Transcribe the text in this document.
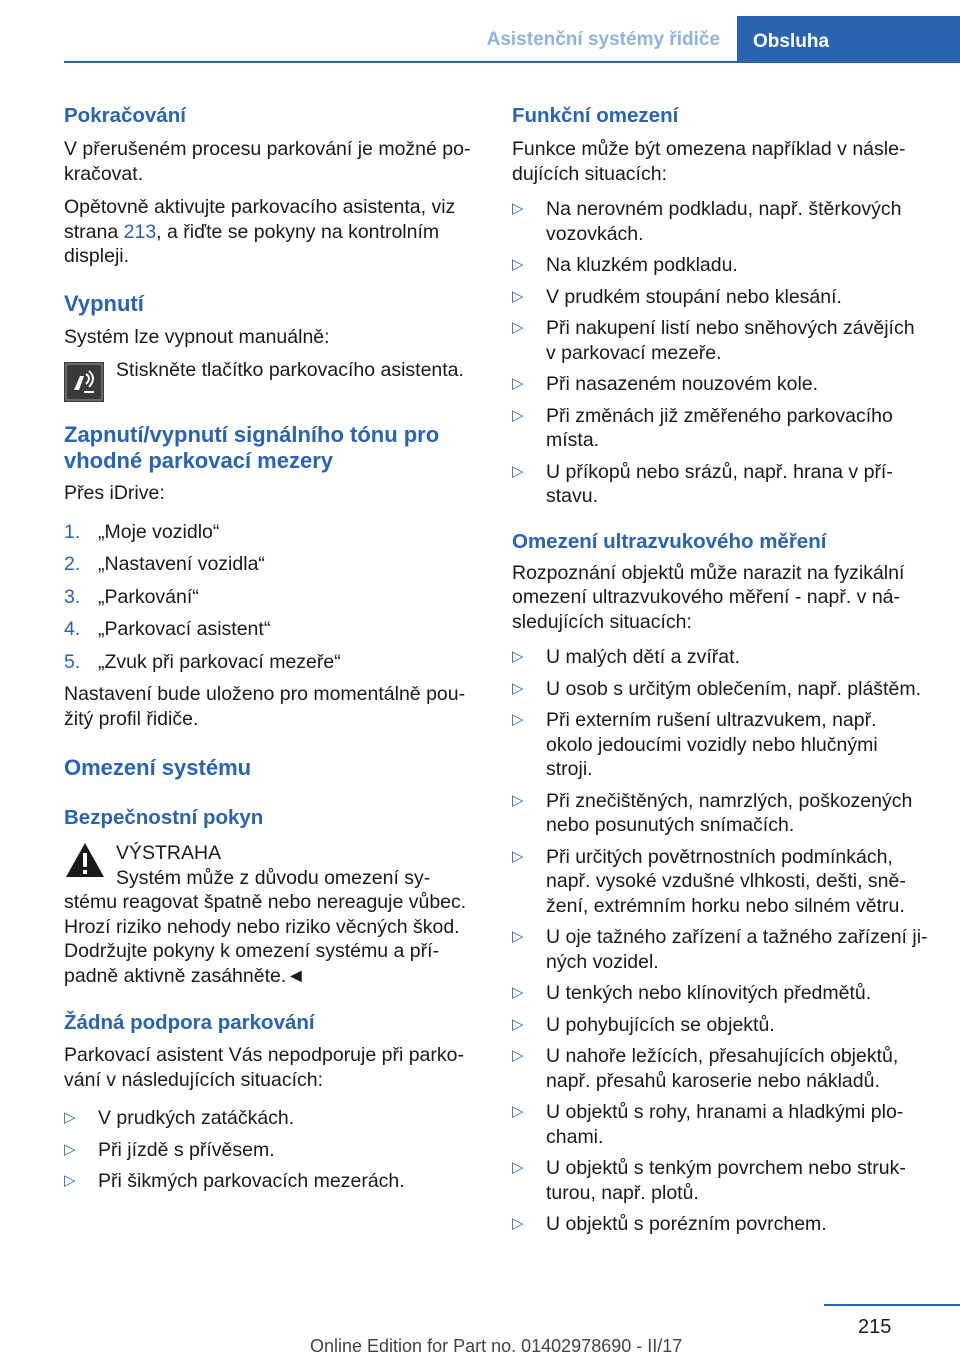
Asistenční systémy řidiče	Obsluha
Pokračování
V přerušeném procesu parkování je možné po-
kračovat.
Opětovně aktivujte parkovacího asistenta, viz
strana 213, a řiďte se pokyny na kontrolním
displeji.
Vypnutí
Systém lze vypnout manuálně:
Stiskněte tlačítko parkovacího asistenta.
Zapnutí/vypnutí signálního tónu pro
vhodné parkovací mezery
Přes iDrive:
1. „Moje vozidlo“
2. „Nastavení vozidla“
3. „Parkování“
4. „Parkovací asistent“
5. „Zvuk při parkovací mezeře“
Nastavení bude uloženo pro momentálně pou-
žitý profil řidiče.
Omezení systému
Bezpečnostní pokyn
VÝSTRAHA
Systém může z důvodu omezení sy-
stému reagovat špatně nebo nereaguje vůbec.
Hrozí riziko nehody nebo riziko věcných škod.
Dodržujte pokyny k omezení systému a pří-
padně aktivně zasáhněte.◄
Žádná podpora parkování
Parkovací asistent Vás nepodporuje při parko-
vání v následujících situacích:
▷ V prudkých zatáčkách.
▷ Při jízdě s přívěsem.
▷ Při šikmých parkovacích mezerách.
Funkční omezení
Funkce může být omezena například v násle-
dujících situacích:
▷ Na nerovném podkladu, např. štěrkových
vozovkách.
▷ Na kluzkém podkladu.
▷ V prudkém stoupání nebo klesání.
▷ Při nakupení listí nebo sněhových závějích
v parkovací mezeře.
▷ Při nasazeném nouzovém kole.
▷ Při změnách již změřeného parkovacího
místa.
▷ U příkopů nebo srázů, např. hrana v pří-
stavu.
Omezení ultrazvukového měření
Rozpoznání objektů může narazit na fyzikální
omezení ultrazvukového měření - např. v ná-
sledujících situacích:
▷ U malých dětí a zvířat.
▷ U osob s určitým oblečením, např. pláštěm.
▷ Při externím rušení ultrazvukem, např.
okolo jedoucími vozidly nebo hlučnými
stroji.
▷ Při znečištěných, namrzlých, poškozených
nebo posunutých snímačích.
▷ Při určitých povětrnostních podmínkách,
např. vysoké vzdušné vlhkosti, dešti, sně-
žení, extrémním horku nebo silném větru.
▷ U oje tažného zařízení a tažného zařízení ji-
ných vozidel.
▷ U tenkých nebo klínovitých předmětů.
▷ U pohybujících se objektů.
▷ U nahoře ležících, přesahujících objektů,
např. přesahů karoserie nebo nákladů.
▷ U objektů s rohy, hranami a hladkými plo-
chami.
▷ U objektů s tenkým povrchem nebo struk-
turou, např. plotů.
▷ U objektů s porézním povrchem.
215
Online Edition for Part no. 01402978690 - II/17
